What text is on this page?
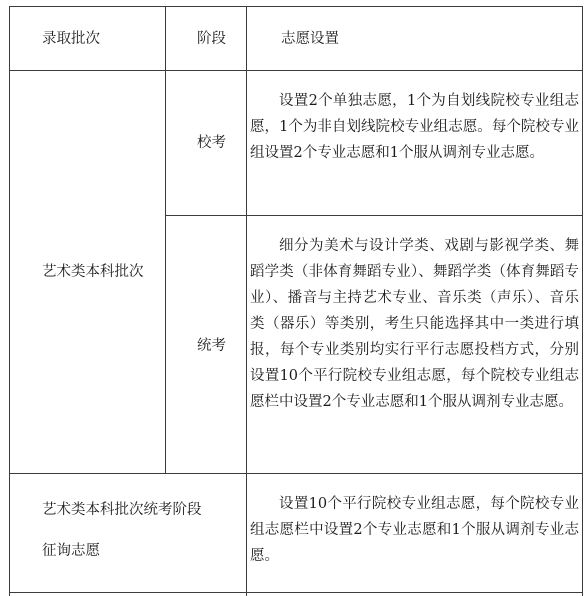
录取批次	阶段	志愿设置
艺术类本科批次
校考
设置2个单独志愿，1个为自划线院校专业组志愿，1个为非自划线院校专业组志愿。每个院校专业组设置2个专业志愿和1个服从调剂专业志愿。
统考
细分为美术与设计学类、戏剧与影视学类、舞蹈学类（非体育舞蹈专业）、舞蹈学类（体育舞蹈专业）、播音与主持艺术专业、音乐类（声乐）、音乐类（器乐）等类别，考生只能选择其中一类进行填报，每个专业类别均实行平行志愿投档方式，分别设置10个平行院校专业组志愿，每个院校专业组志愿栏中设置2个专业志愿和1个服从调剂专业志愿。
艺术类本科批次统考阶段
征询志愿
设置10个平行院校专业组志愿，每个院校专业组志愿栏中设置2个专业志愿和1个服从调剂专业志愿。
